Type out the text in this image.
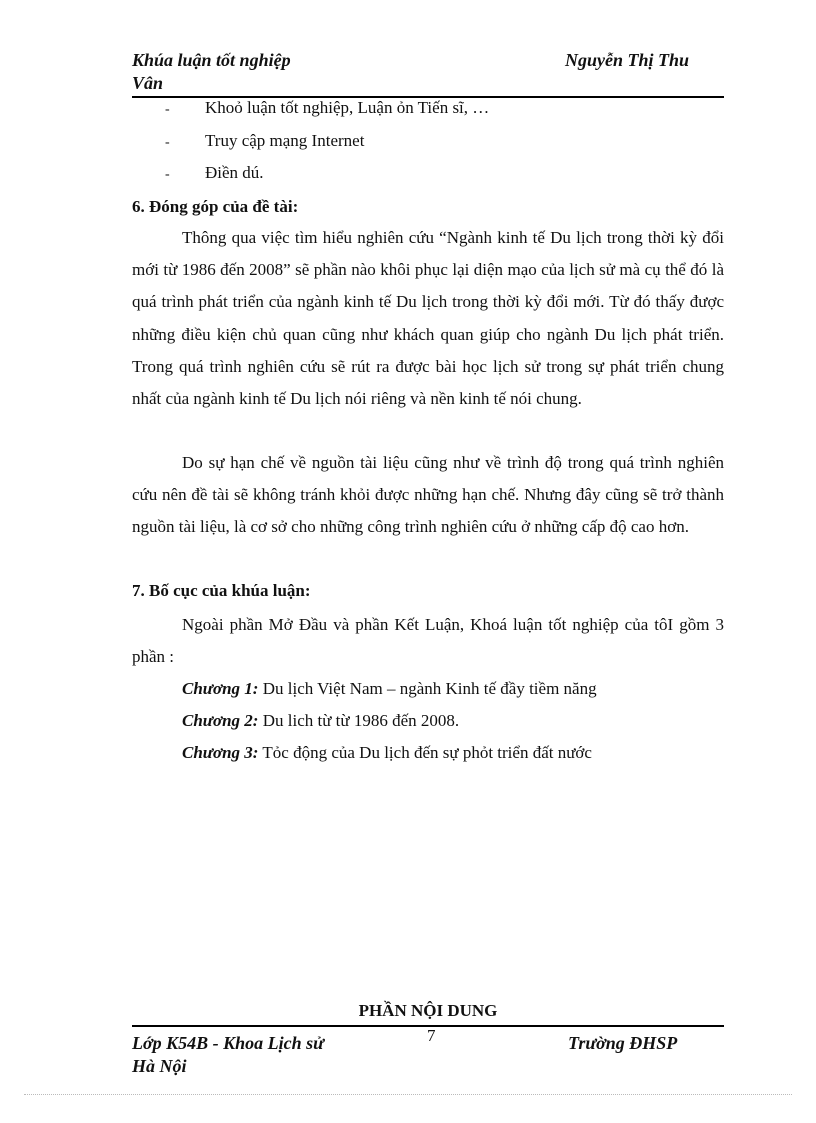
Khúa luận tốt nghiệp
Vân
Nguyễn Thị Thu
- Khoỏ luận tốt nghiệp, Luận ỏn Tiến sĩ, …
- Truy cập mạng Internet
- Điền dú.
6. Đóng góp của đề tài:
Thông qua việc tìm hiểu nghiên cứu “Ngành kinh tế Du lịch trong thời kỳ đổi mới từ 1986 đến 2008” sẽ phần nào khôi phục lại diện mạo của lịch sử mà cụ thể đó là quá trình phát triển của ngành kinh tế Du lịch trong thời kỳ đổi mới. Từ đó thấy được những điều kiện chủ quan cũng như khách quan giúp cho ngành Du lịch phát triển. Trong quá trình nghiên cứu sẽ rút ra được bài học lịch sử trong sự phát triển chung nhất của ngành kinh tế Du lịch nói riêng và nền kinh tế nói chung.
Do sự hạn chế về nguồn tài liệu cũng như về trình độ trong quá trình nghiên cứu nên đề tài sẽ không tránh khỏi được những hạn chế. Nhưng đây cũng sẽ trở thành nguồn tài liệu, là cơ sở cho những công trình nghiên cứu ở những cấp độ cao hơn.
7. Bố cục của khúa luận:
Ngoài phần Mở Đầu và phần Kết Luận, Khoá luận tốt nghiệp của tôI gồm 3 phần :
Chương 1: Du lịch Việt Nam – ngành Kinh tế đầy tiềm năng
Chương 2: Du lich từ từ 1986 đến 2008.
Chương 3: Tỏc động của Du lịch đến sự phỏt triển đất nước
PHẦN NỘI DUNG
Lớp K54B - Khoa Lịch sử
Hà Nội
7	Trường ĐHSP
